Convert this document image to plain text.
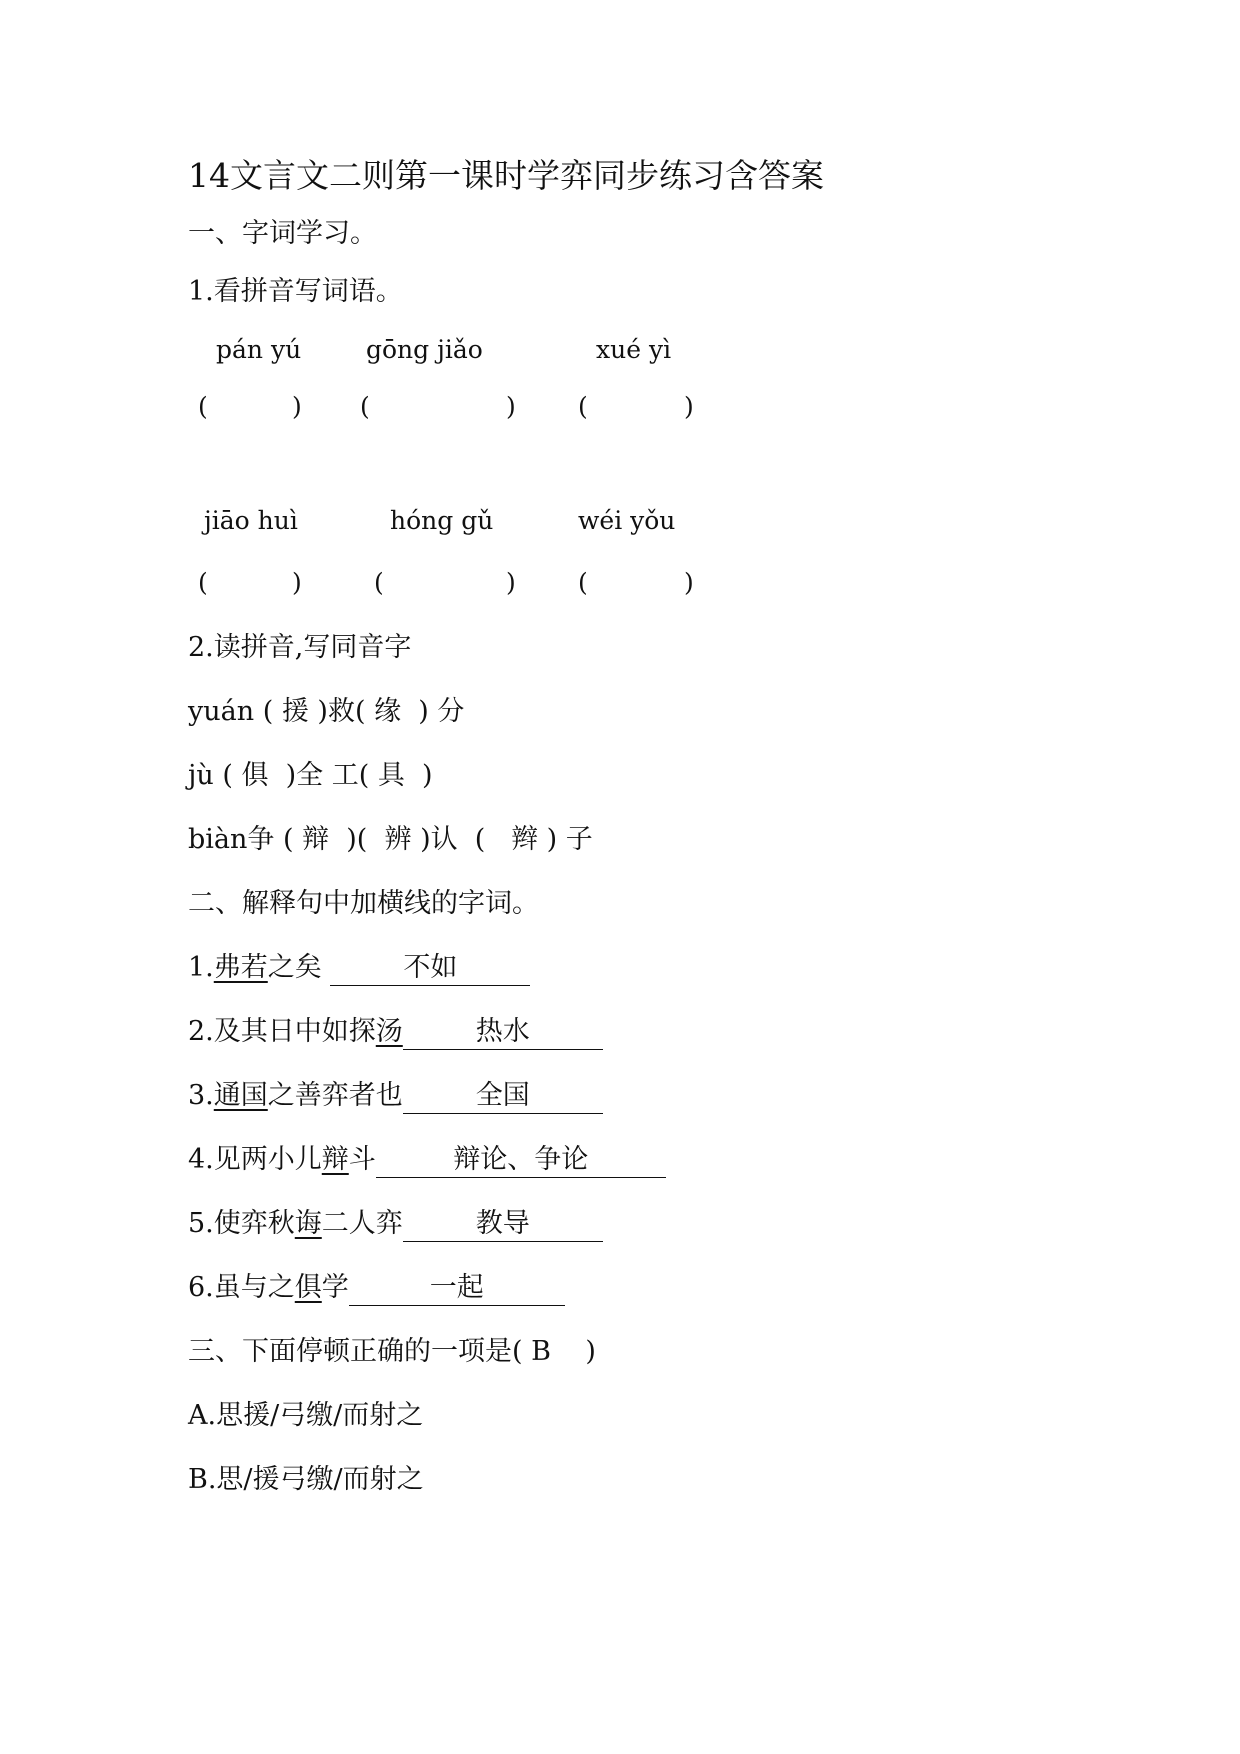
14文言文二则第一课时学弈同步练习含答案
一、字词学习。
1.看拼音写词语。
pán yú	gōng jiǎo	xué yì
(	) (	) (	)
jiāo huì	hóng gǔ	wéi yǒu
(	)	(	) (	)
2.读拼音,写同音字
yuán ( 援 )救( 缘  ) 分
jù ( 俱  )全 工( 具  )
biàn争 ( 辩  )(  辨 )认  (   辫 ) 子
二、解释句中加横线的字词。
1.弗若之矣	不如
2.及其日中如探汤	热水
3.通国之善弈者也	全国
4.见两小儿辩斗	辩论、争论
5.使弈秋诲二人弈	教导
6.虽与之俱学	一起
三、下面停顿正确的一项是( B )
A.思援/弓缴/而射之
B.思/援弓缴/而射之
